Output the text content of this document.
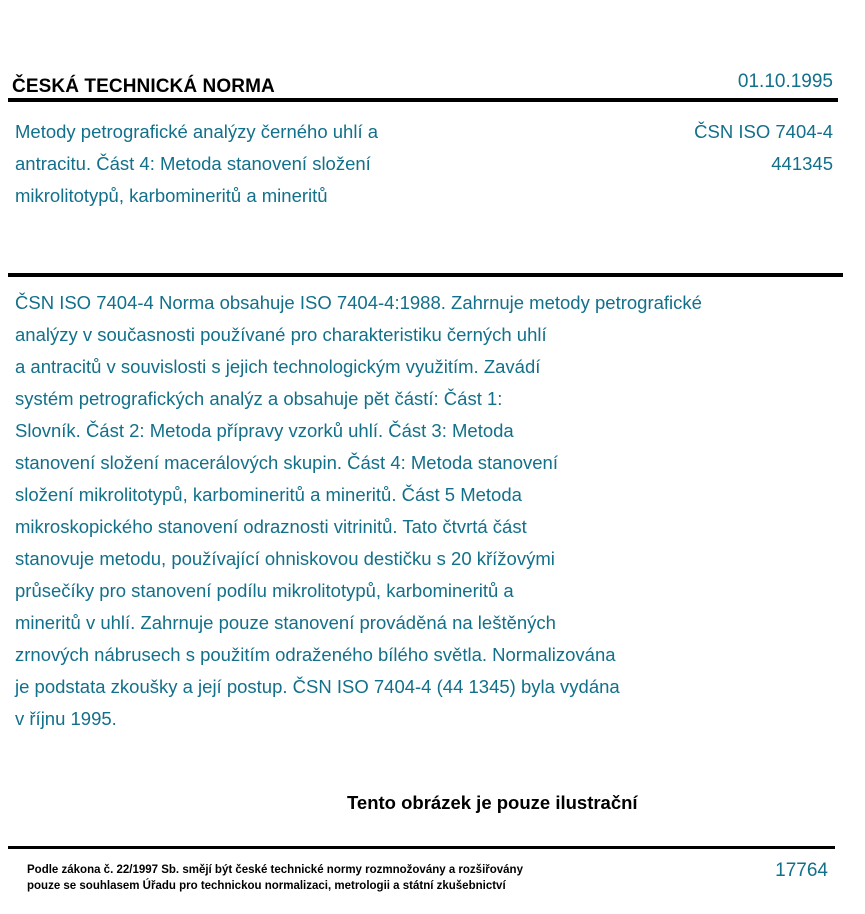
ČESKÁ TECHNICKÁ NORMA	01.10.1995
Metody petrografické analýzy černého uhlí a
antracitu. Část 4: Metoda stanovení složení
mikrolitotypů, karbomineritů a mineritů
ČSN ISO 7404-4
441345
ČSN ISO 7404-4 Norma obsahuje ISO 7404-4:1988. Zahrnuje metody petrografické
analýzy v současnosti používané pro charakteristiku černých uhlí
a antracitů v souvislosti s jejich technologickým využitím. Zavádí
systém petrografických analýz a obsahuje pět částí: Část 1:
Slovník. Část 2: Metoda přípravy vzorků uhlí. Část 3: Metoda
stanovení složení macerálových skupin. Část 4: Metoda stanovení
složení mikrolitotypů, karbomineritů a mineritů. Část 5 Metoda
mikroskopického stanovení odraznosti vitrinitů. Tato čtvrtá část
stanovuje metodu, používající ohniskovou destičku s 20 křížovými
průsečíky pro stanovení podílu mikrolitotypů, karbomineritů a
mineritů v uhlí. Zahrnuje pouze stanovení prováděná na leštěných
zrnových nábrusech s použitím odraženého bílého světla. Normalizována
je podstata zkoušky a její postup. ČSN ISO 7404-4 (44 1345) byla vydána
v říjnu 1995.
Tento obrázek je pouze ilustrační
Podle zákona č. 22/1997 Sb. smějí být české technické normy rozmnožovány a rozšiřovány
pouze se souhlasem Úřadu pro technickou normalizaci, metrologii a státní zkušebnictví
17764
